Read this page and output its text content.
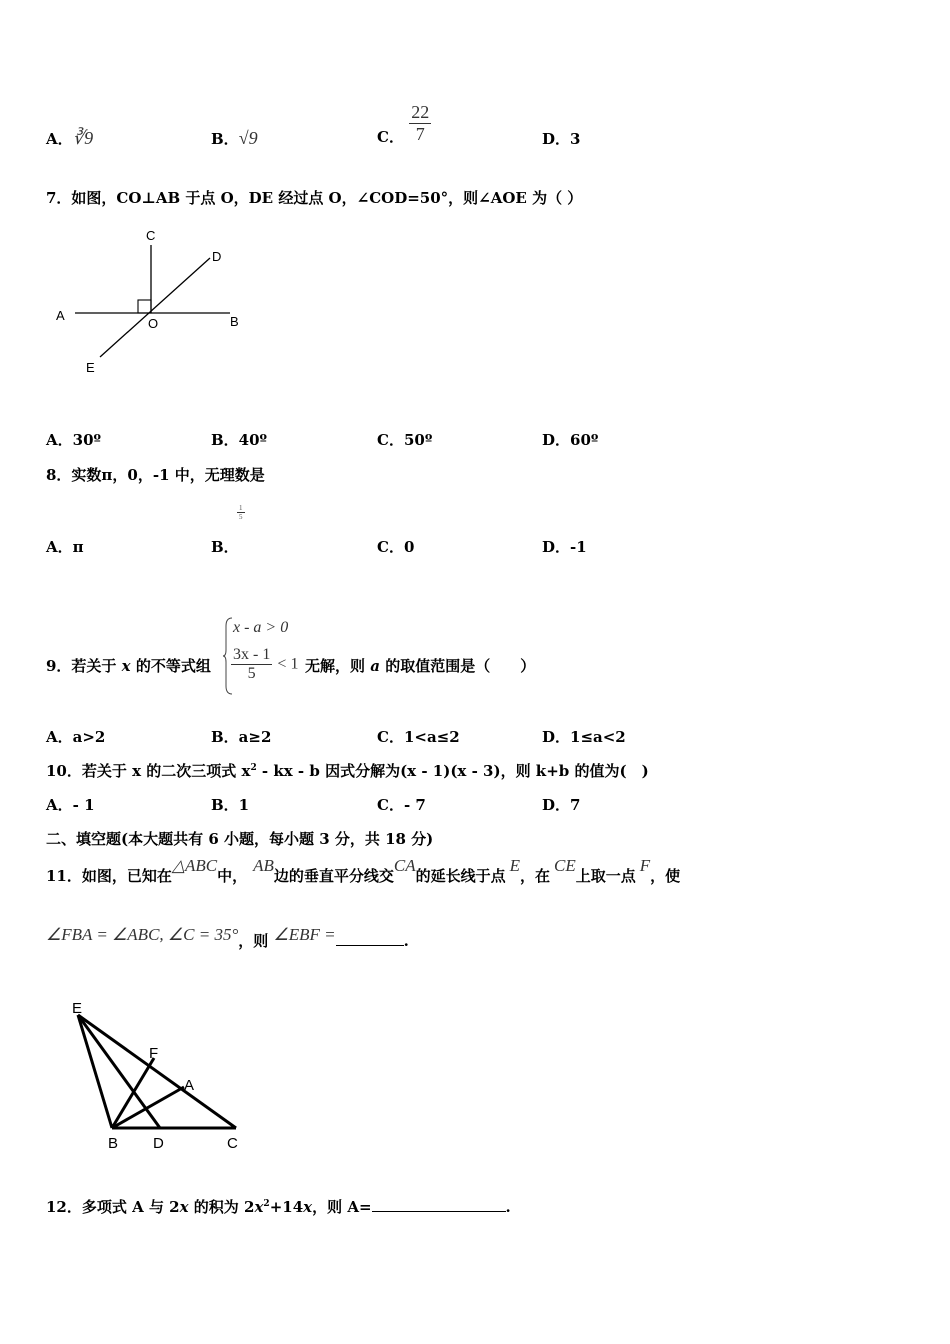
A．∛9	B．√9	C． $\frac{22}{7}$	D．3
7．如图，CO⊥AB 于点 O，DE 经过点 O，∠COD=50°，则∠AOE 为（ ）
C
D
A
O	B
E
A．30º	B．40º	C．50º	D．60º
8．实数π，0，-1 中，无理数是
A．π	B．
$\frac{1}{5}$
C．0	D．-1
9．若关于 x 的不等式组
x - a > 0
$\frac{3x - 1}{5} < 1$ 无解，则 a 的取值范围是（　　）
A．a>2	B．a≥2	C．1<a≤2	D．1≤a<2
10．若关于 x 的二次三项式 $x^2$ - kx - b 因式分解为(x - 1)(x - 3)，则 k+b 的值为(　)
A．- 1	B．1	C．- 7	D．7
二、填空题(本大题共有 6 小题，每小题 3 分，共 18 分)
11．如图，已知在△ABC中，AB边的垂直平分线交CA的延长线于点E，在CE上取一点F，使
∠FBA = ∠ABC, ∠C = 35°，则 ∠EBF =	.
E
F
A
B D	C
12．多项式 A 与 2x 的积为 $2x^2+14x$，则 A=	.
